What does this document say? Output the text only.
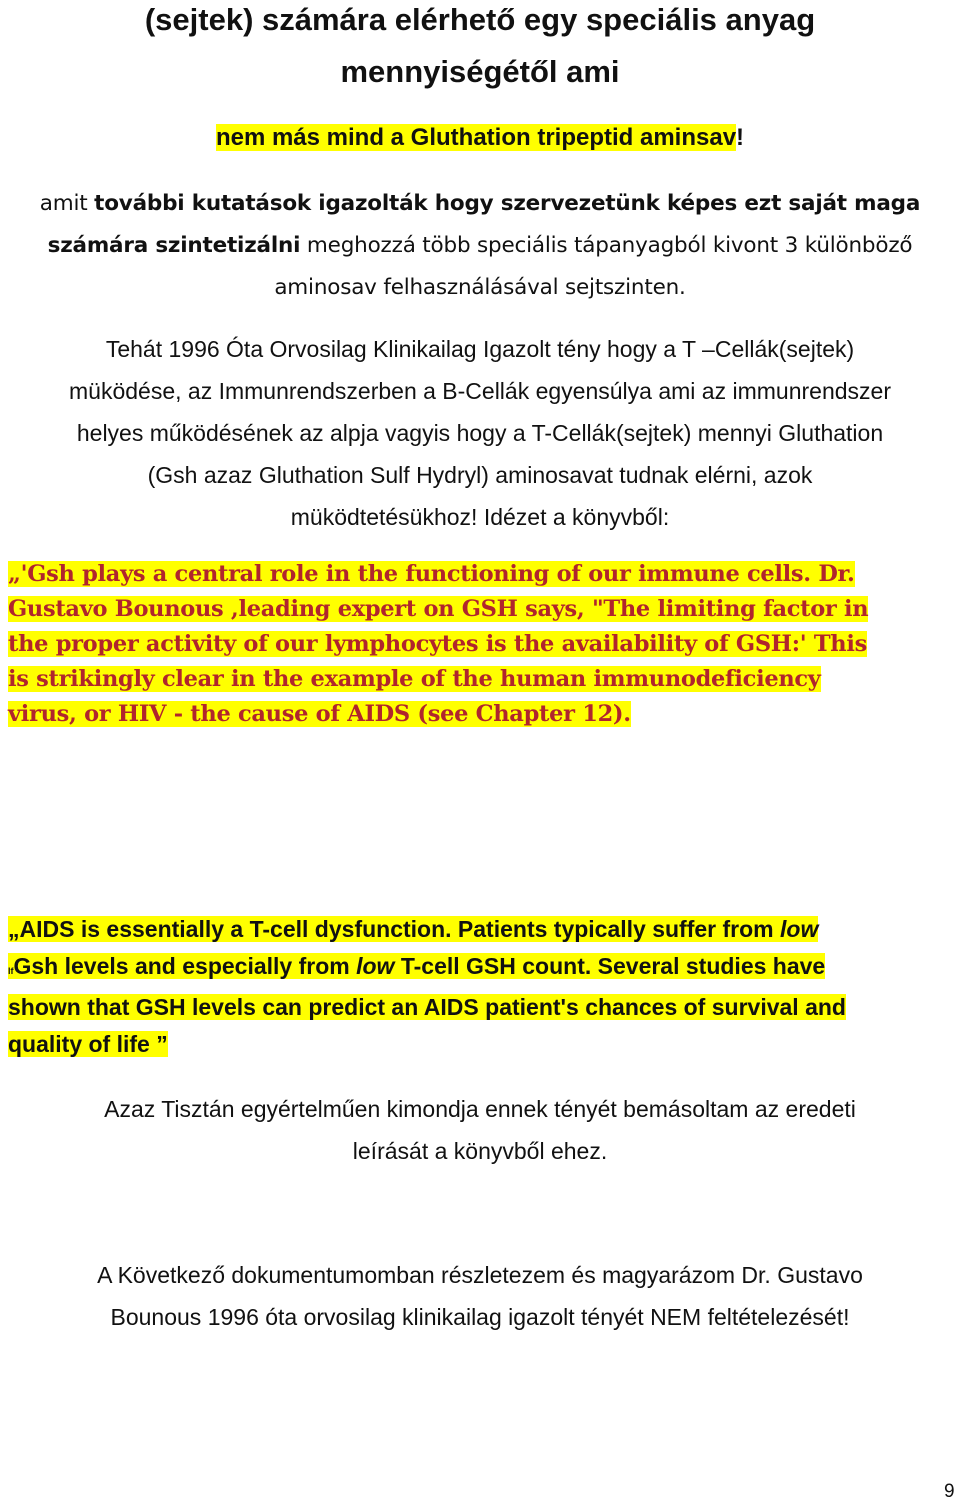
(sejtek) számára elérhető egy speciális anyag
mennyiségétől ami
nem más mind a Gluthation tripeptid aminsav!

amit további kutatások igazolták hogy szervezetünk képes ezt saját maga
számára szintetizálni meghozzá több speciális tápanyagból kivont 3 különböző
aminosav felhasználásával sejtszinten.

Tehát 1996 Óta Orvosilag Klinikailag Igazolt tény hogy a T –Cellák(sejtek)
müködése, az Immunrendszerben a B-Cellák egyensúlya ami az immunrendszer
helyes működésének az alpja vagyis hogy a T-Cellák(sejtek) mennyi Gluthation
(Gsh azaz Gluthation Sulf Hydryl) aminosavat tudnak elérni, azok
müködtetésükhoz! Idézet a könyvből:

„'Gsh plays a central role in the functioning of our immune cells. Dr.
Gustavo Bounous ,leading expert on GSH says, "The limiting factor in
the proper activity of our lymphocytes is the availability of GSH:' This
is strikingly clear in the example of the human immunodeficiency
virus, or HIV - the cause of AIDS (see Chapter 12).

„AIDS is essentially a T-cell dysfunction. Patients typically suffer from low
lfGsh levels and especially from low T-cell GSH count. Several studies have
shown that GSH levels can predict an AIDS patient's chances of survival and
quality of life ”

Azaz Tisztán egyértelműen kimondja ennek tényét bemásoltam az eredeti
leírását a könyvből ehez.

A Következő dokumentumomban részletezem és magyarázom Dr. Gustavo
Bounous 1996 óta orvosilag klinikailag igazolt tényét NEM feltételezését!

9
